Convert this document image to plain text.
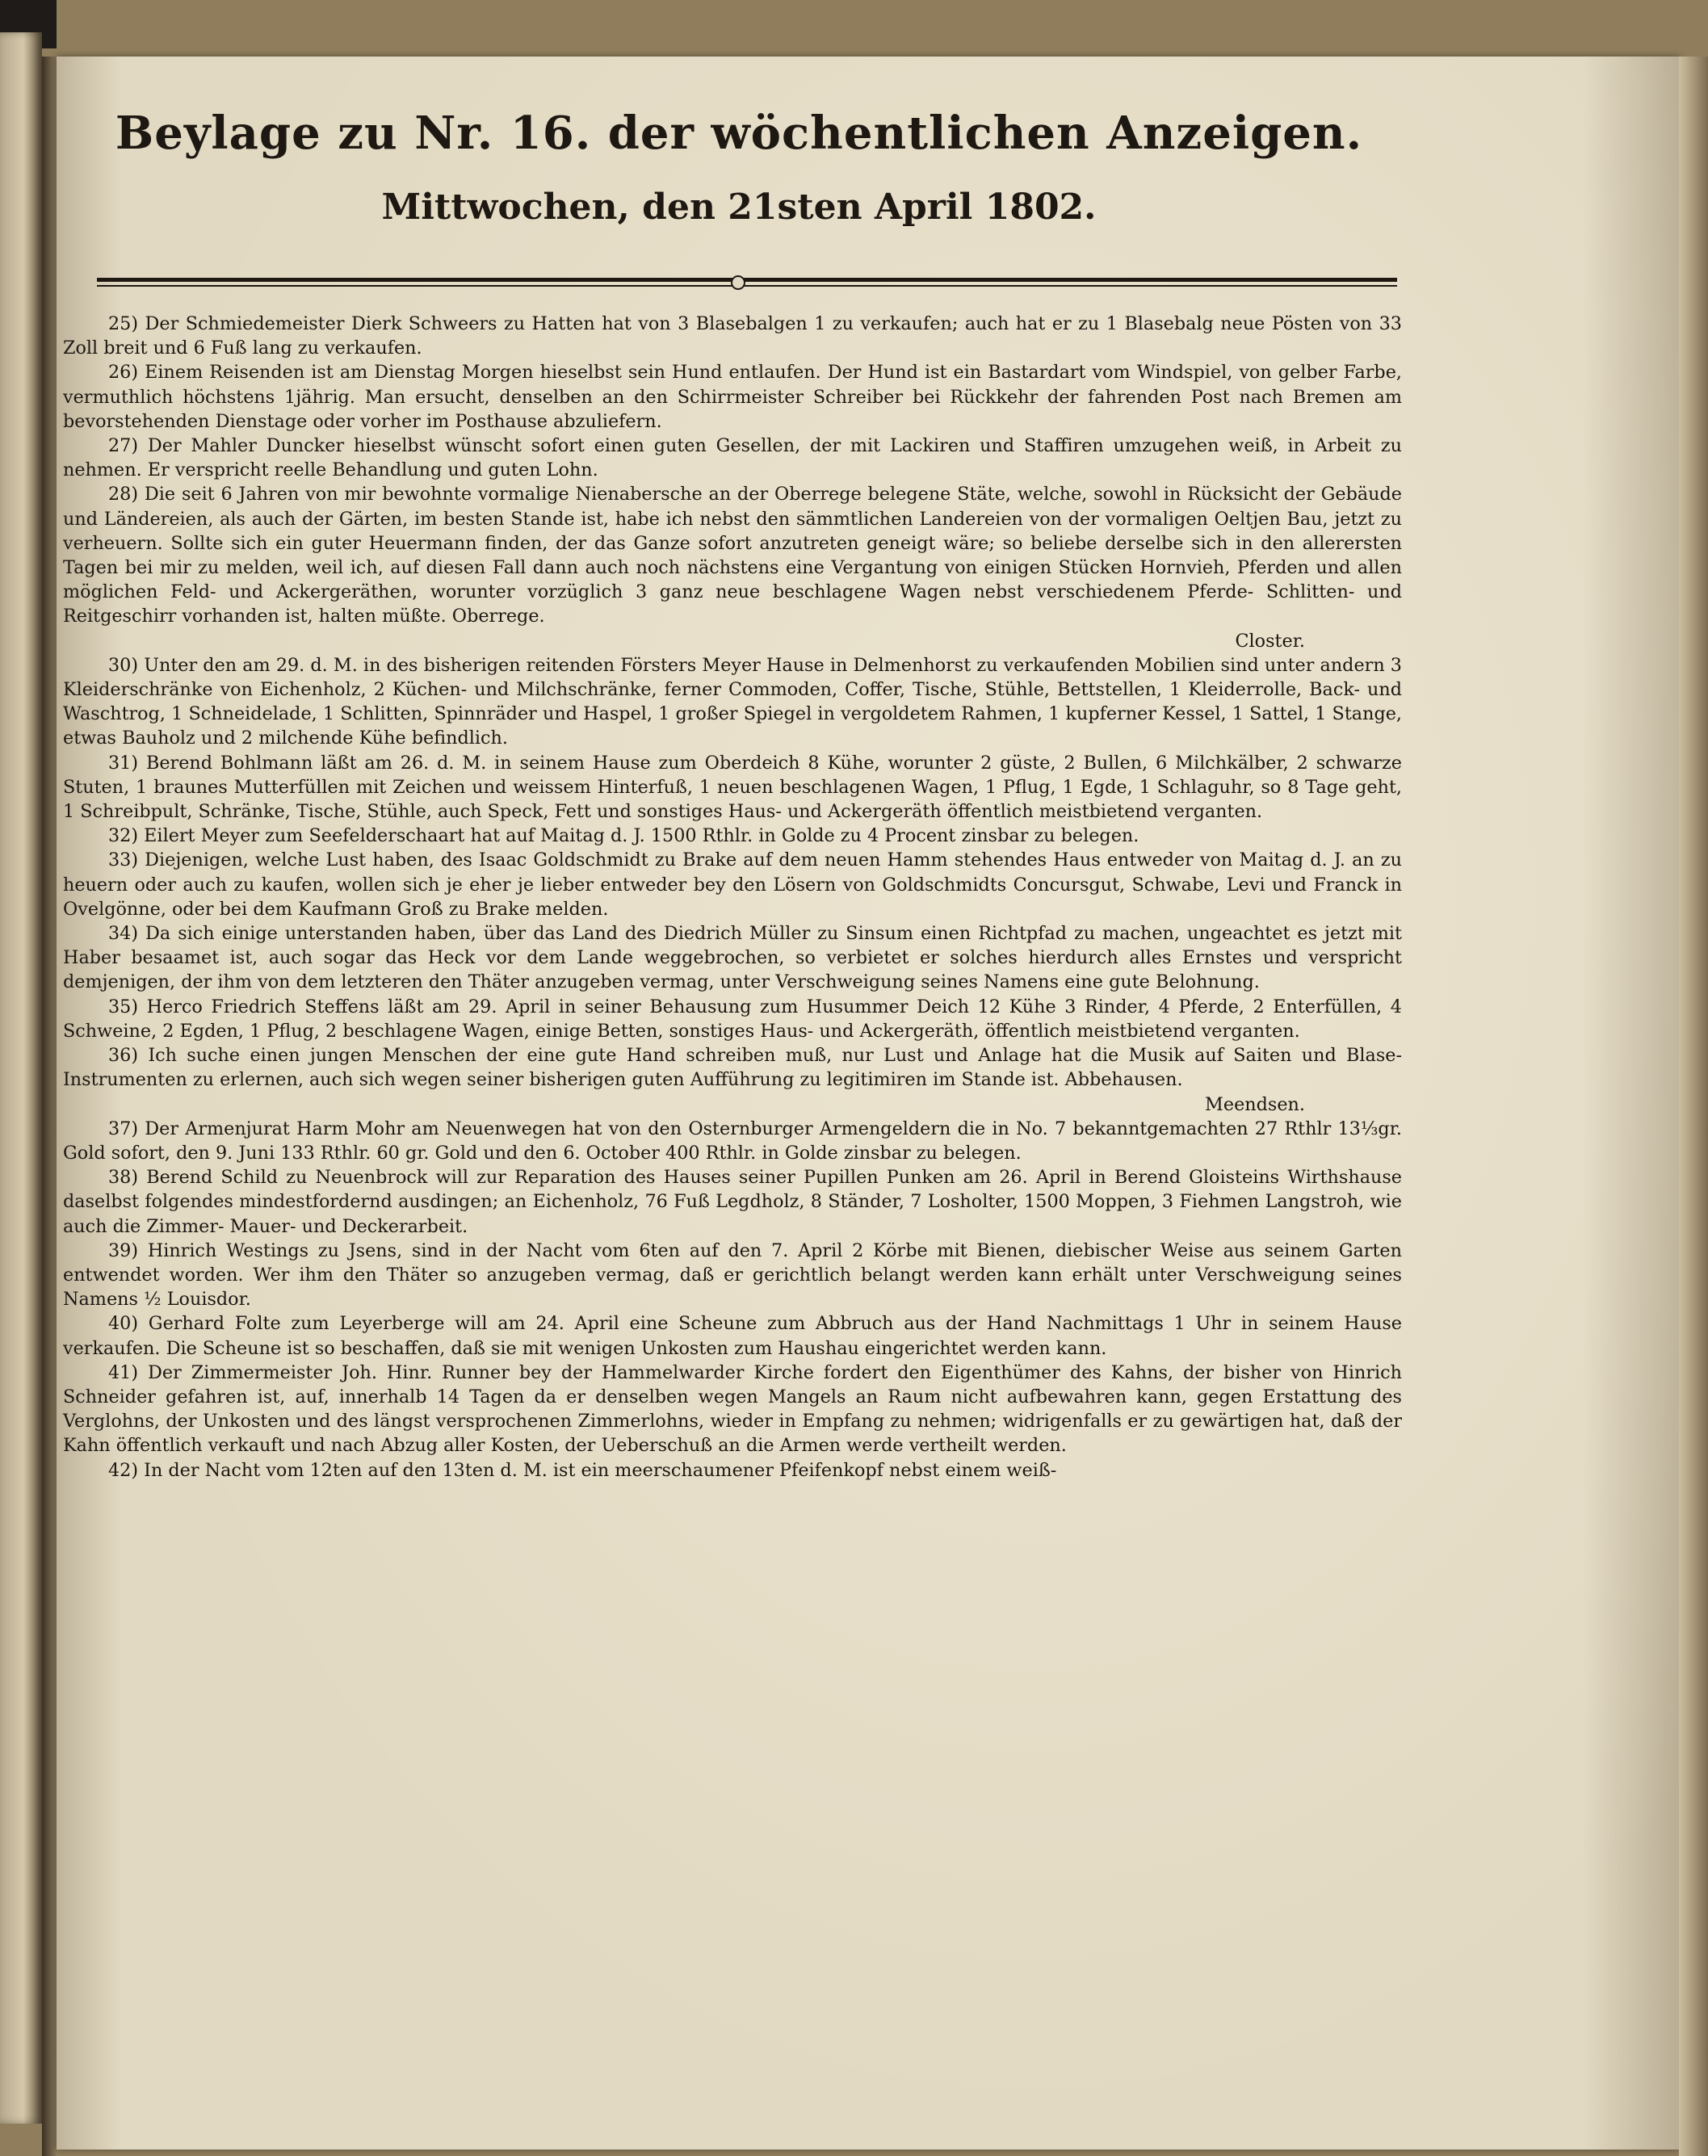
Beylage zu Nr. 16. der wöchentlichen Anzeigen.
Mittwochen, den 21sten April 1802.

25) Der Schmiedemeister Dierk Schweers zu Hatten hat von 3 Blasebalgen 1 zu verkaufen; auch hat er zu 1 Blasebalg neue Pösten von 33 Zoll breit und 6 Fuß lang zu verkaufen.

26) Einem Reisenden ist am Dienstag Morgen hieselbst sein Hund entlaufen. Der Hund ist ein Bastardart vom Windspiel, von gelber Farbe, vermuthlich höchstens 1jährig. Man ersucht, denselben an den Schirrmeister Schreiber bei Rückkehr der fahrenden Post nach Bremen am bevorstehenden Dienstage oder vorher im Posthause abzuliefern.

27) Der Mahler Duncker hieselbst wünscht sofort einen guten Gesellen, der mit Lackiren und Staffiren umzugehen weiß, in Arbeit zu nehmen. Er verspricht reelle Behandlung und guten Lohn.

28) Die seit 6 Jahren von mir bewohnte vormalige Nienabersche an der Oberrege belegene Stäte, welche, sowohl in Rücksicht der Gebäude und Ländereien, als auch der Gärten, im besten Stande ist, habe ich nebst den sämmtlichen Landereien von der vormaligen Oeltjen Bau, jetzt zu verheuern. Sollte sich ein guter Heuermann finden, der das Ganze sofort anzutreten geneigt wäre; so beliebe derselbe sich in den allerersten Tagen bei mir zu melden, weil ich, auf diesen Fall dann auch noch nächstens eine Vergantung von einigen Stücken Hornvieh, Pferden und allen möglichen Feld- und Ackergeräthen, worunter vorzüglich 3 ganz neue beschlagene Wagen nebst verschiedenem Pferde- Schlitten- und Reitgeschirr vorhanden ist, halten müßte. Oberrege.

Closter.

30) Unter den am 29. d. M. in des bisherigen reitenden Försters Meyer Hause in Delmenhorst zu verkaufenden Mobilien sind unter andern 3 Kleiderschränke von Eichenholz, 2 Küchen- und Milchschränke, ferner Commoden, Coffer, Tische, Stühle, Bettstellen, 1 Kleiderrolle, Back- und Waschtrog, 1 Schneidelade, 1 Schlitten, Spinnräder und Haspel, 1 großer Spiegel in vergoldetem Rahmen, 1 kupferner Kessel, 1 Sattel, 1 Stange, etwas Bauholz und 2 milchende Kühe befindlich.

31) Berend Bohlmann läßt am 26. d. M. in seinem Hause zum Oberdeich 8 Kühe, worunter 2 güste, 2 Bullen, 6 Milchkälber, 2 schwarze Stuten, 1 braunes Mutterfüllen mit Zeichen und weissem Hinterfuß, 1 neuen beschlagenen Wagen, 1 Pflug, 1 Egde, 1 Schlaguhr, so 8 Tage geht, 1 Schreibpult, Schränke, Tische, Stühle, auch Speck, Fett und sonstiges Haus- und Ackergeräth öffentlich meistbietend verganten.

32) Eilert Meyer zum Seefelderschaart hat auf Maitag d. J. 1500 Rthlr. in Golde zu 4 Procent zinsbar zu belegen.

33) Diejenigen, welche Lust haben, des Isaac Goldschmidt zu Brake auf dem neuen Hamm stehendes Haus entweder von Maitag d. J. an zu heuern oder auch zu kaufen, wollen sich je eher je lieber entweder bey den Lösern von Goldschmidts Concursgut, Schwabe, Levi und Franck in Ovelgönne, oder bei dem Kaufmann Groß zu Brake melden.

34) Da sich einige unterstanden haben, über das Land des Diedrich Müller zu Sinsum einen Richtpfad zu machen, ungeachtet es jetzt mit Haber besaamet ist, auch sogar das Heck vor dem Lande weggebrochen, so verbietet er solches hierdurch alles Ernstes und verspricht demjenigen, der ihm von dem letzteren den Thäter anzugeben vermag, unter Verschweigung seines Namens eine gute Belohnung.

35) Herco Friedrich Steffens läßt am 29. April in seiner Behausung zum Husummer Deich 12 Kühe 3 Rinder, 4 Pferde, 2 Enterfüllen, 4 Schweine, 2 Egden, 1 Pflug, 2 beschlagene Wagen, einige Betten, sonstiges Haus- und Ackergeräth, öffentlich meistbietend verganten.

36) Ich suche einen jungen Menschen der eine gute Hand schreiben muß, nur Lust und Anlage hat die Musik auf Saiten und Blase-Instrumenten zu erlernen, auch sich wegen seiner bisherigen guten Aufführung zu legitimiren im Stande ist. Abbehausen.

Meendsen.

37) Der Armenjurat Harm Mohr am Neuenwegen hat von den Osternburger Armengeldern die in No. 7 bekanntgemachten 27 Rthlr 13⅓gr. Gold sofort, den 9. Juni 133 Rthlr. 60 gr. Gold und den 6. October 400 Rthlr. in Golde zinsbar zu belegen.

38) Berend Schild zu Neuenbrock will zur Reparation des Hauses seiner Pupillen Punken am 26. April in Berend Gloisteins Wirthshause daselbst folgendes mindestfordernd ausdingen; an Eichenholz, 76 Fuß Legdholz, 8 Ständer, 7 Losholter, 1500 Moppen, 3 Fiehmen Langstroh, wie auch die Zimmer- Mauer- und Deckerarbeit.

39) Hinrich Westings zu Jsens, sind in der Nacht vom 6ten auf den 7. April 2 Körbe mit Bienen, diebischer Weise aus seinem Garten entwendet worden. Wer ihm den Thäter so anzugeben vermag, daß er gerichtlich belangt werden kann erhält unter Verschweigung seines Namens ½ Louisdor.

40) Gerhard Folte zum Leyerberge will am 24. April eine Scheune zum Abbruch aus der Hand Nachmittags 1 Uhr in seinem Hause verkaufen. Die Scheune ist so beschaffen, daß sie mit wenigen Unkosten zum Haushau eingerichtet werden kann.

41) Der Zimmermeister Joh. Hinr. Runner bey der Hammelwarder Kirche fordert den Eigenthümer des Kahns, der bisher von Hinrich Schneider gefahren ist, auf, innerhalb 14 Tagen da er denselben wegen Mangels an Raum nicht aufbewahren kann, gegen Erstattung des Verglohns, der Unkosten und des längst versprochenen Zimmerlohns, wieder in Empfang zu nehmen; widrigenfalls er zu gewärtigen hat, daß der Kahn öffentlich verkauft und nach Abzug aller Kosten, der Ueberschuß an die Armen werde vertheilt werden.

42) In der Nacht vom 12ten auf den 13ten d. M. ist ein meerschaumener Pfeifenkopf nebst einem weiß-
